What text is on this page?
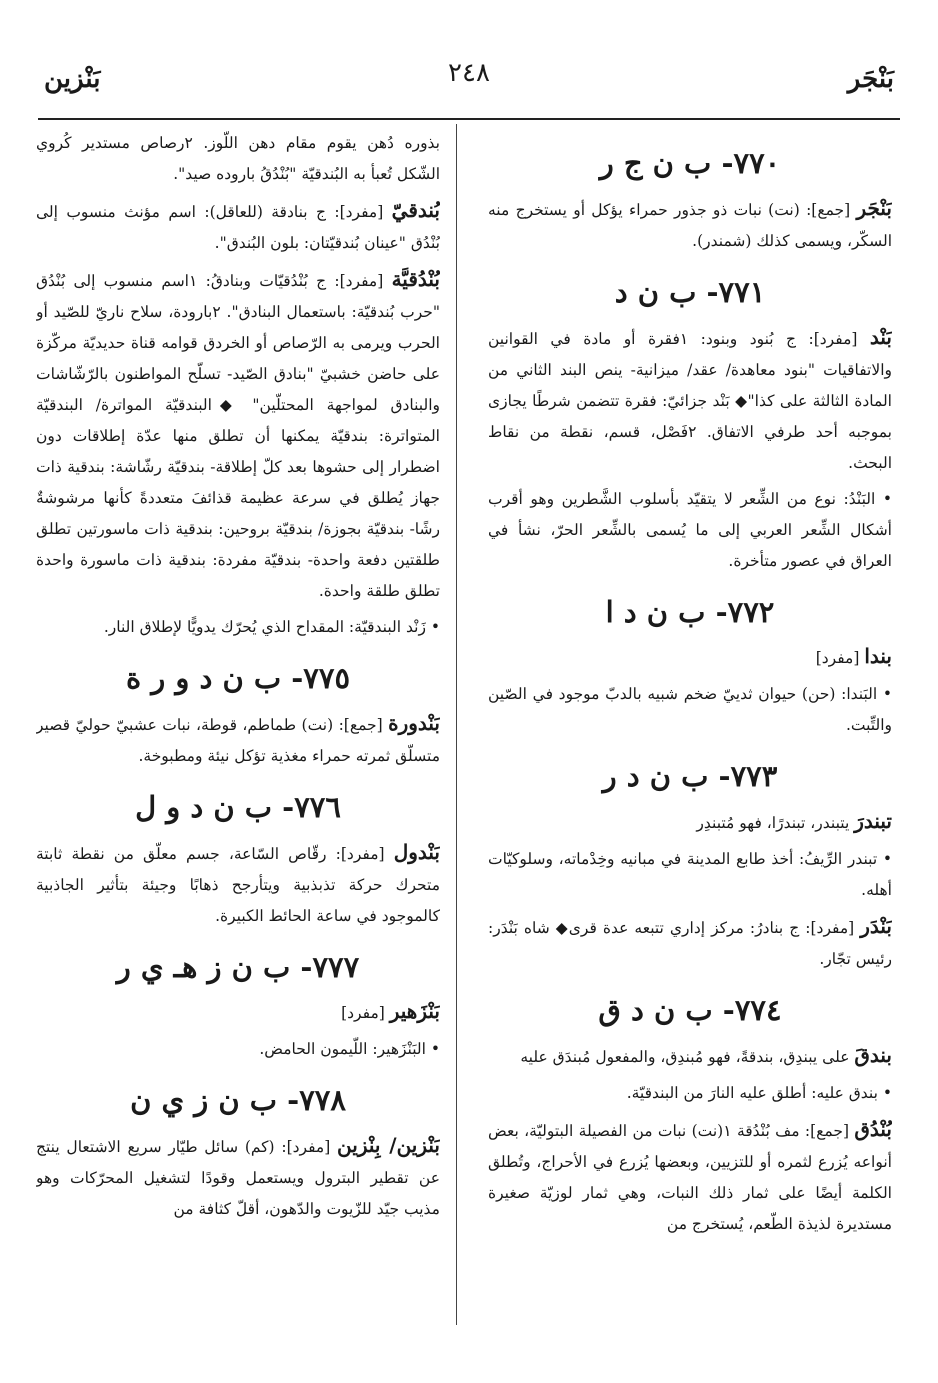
بَنْجَر
٢٤٨
بَنْزين
٧٧٠- ب ن ج ر

بَنْجَر [جمع]: (نت) نبات ذو جذور حمراء يؤكل أو يستخرج منه السكّر، ويسمى كذلك (شمندر).

٧٧١- ب ن د

بَنْد [مفرد]: ج بُنود وبنود: ١فقرة أو مادة في القوانين والاتفاقيات "بنود معاهدة/ عقد/ ميزانية- ينص البند الثاني من المادة الثالثة على كذا"◆ بَنْد جزائيّ: فقرة تتضمن شرطًا يجازى بموجبه أحد طرفي الاتفاق. ٢فَصْل، قسم، نقطة من نقاط البحث.

• البَنْدُ: نوع من الشِّعر لا يتقيّد بأسلوب الشَّطرين وهو أقرب أشكال الشِّعر العربي إلى ما يُسمى بالشِّعر الحرّ، نشأ في العراق في عصور متأخرة.

٧٧٢- ب ن د ا

بندا [مفرد]

• البَندا: (حن) حيوان ثدييّ ضخم شبيه بالدبّ موجود في الصّين والتِّبت.

٧٧٣- ب ن د ر

تبندرَ يتبندر، تبندرًا، فهو مُتبندِر

• تبندر الرِّيفُ: أخذ طابع المدينة في مبانيه وخِدْماته، وسلوكيّات أهله.

بَنْدَر [مفرد]: ج بنادرُ: مركز إداري تتبعه عدة قرى◆ شاه بَنْدَر: رئيس تجّار.

٧٧٤- ب ن د ق

بندقَ على يبندِق، بندقةً، فهو مُبندِق، والمفعول مُبندَق عليه

• بندق عليه: أطلق عليه النارَ من البندقيّة.

بُنْدُق [جمع]: مف بُنْدُقة ١(نت) نبات من الفصيلة البتوليّة، بعض أنواعه يُزرع لثمره أو للتزيين، وبعضها يُزرع في الأحراج، وتُطلق الكلمة أيضًا على ثمار ذلك النبات، وهي ثمار لوزيّة صغيرة مستديرة لذيذة الطّعم، يُستخرج من

بذوره دُهن يقوم مقام دهن اللّوز. ٢رصاص مستدير كُروي الشّكل تُعبأ به البُندقيّة "بُنْدُقُ باروده صيد".

بُندقيّ [مفرد]: ج بنادقة (للعاقل): اسم مؤنث منسوب إلى بُنْدُق "عينان بُندقيّتان: بلون البُندق".

بُنْدُقيَّة [مفرد]: ج بُنْدُقيّات وبنادقُ: ١اسم منسوب إلى بُنْدُق "حرب بُندقيّة: باستعمال البنادق". ٢بارودة، سلاح ناريّ للصّيد أو الحرب ويرمى به الرّصاص أو الخردق قوامه قناة حديديّة مركّزة على حاضن خشبيّ "بنادق الصّيد- تسلّح المواطنون بالرّشّاشات والبنادق لمواجهة المحتلّين" ◆البندقيّة المواترة/ البندقيّة المتواترة: بندقيّة يمكنها أن تطلق منها عدّة إطلاقات دون اضطرار إلى حشوها بعد كلّ إطلاقة- بندقيّة رشّاشة: بندقية ذات جهاز يُطلق في سرعة عظيمة قذائفَ متعددةً كأنها مرشوشةٌ رشًا- بندقيّة بجوزة/ بندقيّة بروحين: بندقية ذات ماسورتين تطلق طلقتين دفعة واحدة- بندقيّة مفردة: بندقية ذات ماسورة واحدة تطلق طلقة واحدة.

• زَنْد البندقيّة: المقداح الذي يُحرّك يدويًّا لإطلاق النار.

٧٧٥- ب ن د و ر ة

بَنْدورة [جمع]: (نت) طماطم، قوطة، نبات عشبيّ حوليّ قصير متسلّق ثمرته حمراء مغذية تؤكل نيئة ومطبوخة.

٧٧٦- ب ن د و ل

بَنْدول [مفرد]: رقّاص السّاعة، جسم معلّق من نقطة ثابتة متحرك حركة تذبذبية ويتأرجح ذهابًا وجيئة بتأثير الجاذبية كالموجود في ساعة الحائط الكبيرة.

٧٧٧- ب ن ز هـ ي ر

بَنْزَهير [مفرد]

• البَنْزَهير: اللّيمون الحامض.

٧٧٨- ب ن ز ي ن

بَنْزين/ بِنْزين [مفرد]: (كم) سائل طيّار سريع الاشتعال ينتج عن تقطير البترول ويستعمل وقودًا لتشغيل المحرّكات وهو مذيب جيّد للزّيوت والدّهون، أقلّ كثافة من
